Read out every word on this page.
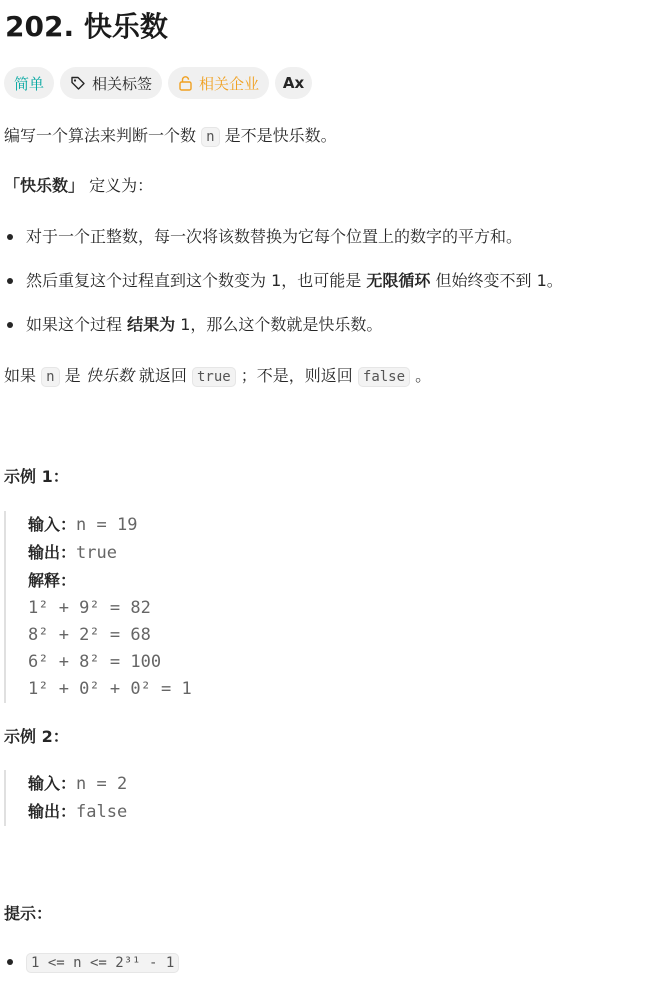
202. 快乐数
简单	相关标签	相关企业 Ax
编写一个算法来判断一个数 n 是不是快乐数。
「快乐数」 定义为：
对于一个正整数，每一次将该数替换为它每个位置上的数字的平方和。
然后重复这个过程直到这个数变为 1，也可能是 无限循环 但始终变不到 1。
如果这个过程 结果为 1，那么这个数就是快乐数。
如果 n 是 快乐数 就返回 true ；不是，则返回 false 。
示例 1：
输入：n = 19
输出：true
解释：
1² + 9² = 82
8² + 2² = 68
6² + 8² = 100
1² + 0² + 0² = 1
示例 2：
输入：n = 2
输出：false
提示：
1 <= n <= 2³¹ - 1
